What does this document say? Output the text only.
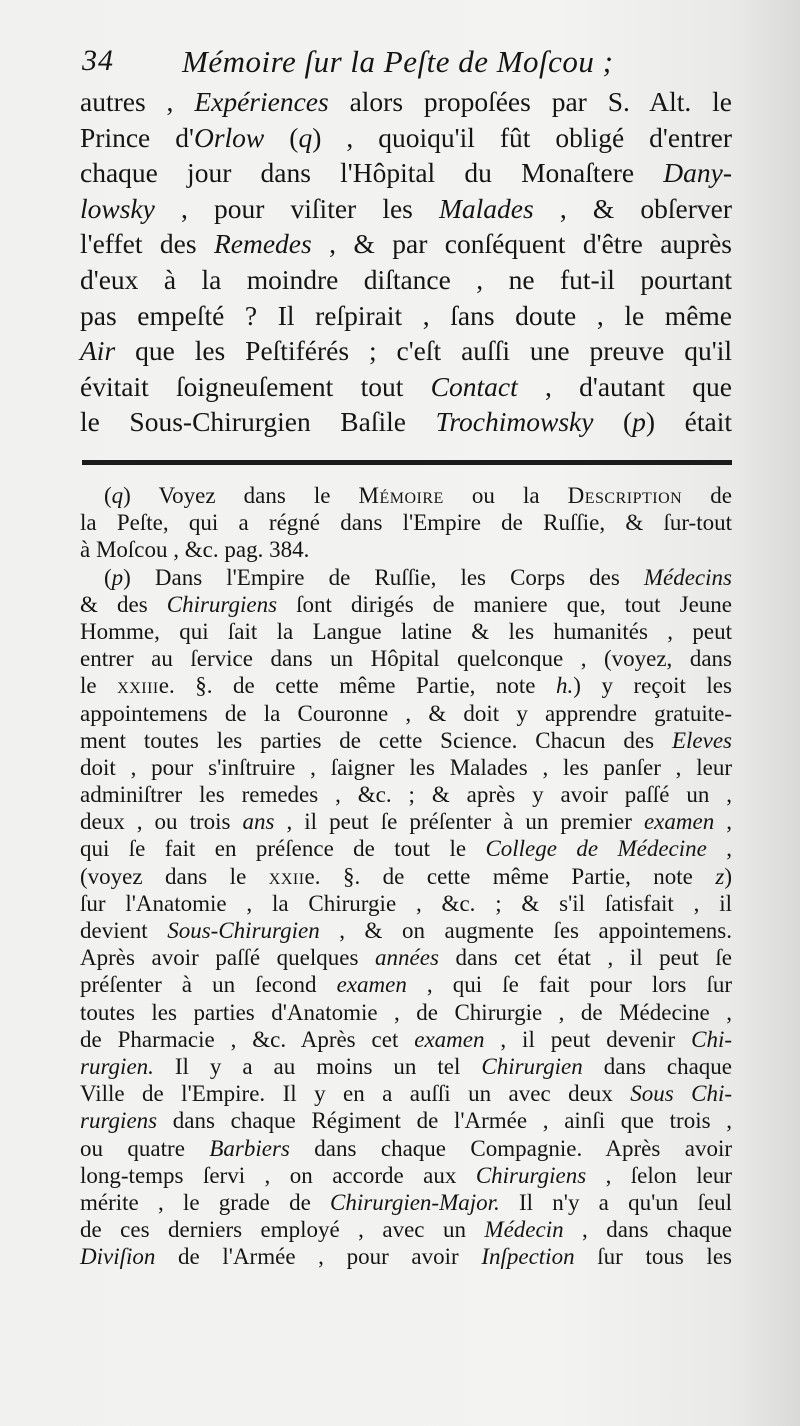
34 Mémoire ſur la Peſte de Moſcou ;
autres , Expériences alors propoſées par S. Alt. le
Prince d'Orlow (q) , quoiqu'il fût obligé d'entrer
chaque jour dans l'Hôpital du Monaſtere Dany-
lowsky , pour viſiter les Malades , & obſerver
l'effet des Remedes , & par conſéquent d'être auprès
d'eux à la moindre diſtance , ne fut-il pourtant
pas empeſté ? Il reſpirait , ſans doute , le même
Air que les Peſtiférés ; c'eſt auſſi une preuve qu'il
évitait ſoigneuſement tout Contact , d'autant que
le Sous-Chirurgien Baſile Trochimowsky (p) était
(q) Voyez dans le Mémoire ou la Description de
la Peſte, qui a régné dans l'Empire de Ruſſie, & ſur-tout
à Moſcou , &c. pag. 384.
(p) Dans l'Empire de Ruſſie, les Corps des Médecins
& des Chirurgiens ſont dirigés de maniere que, tout Jeune
Homme, qui ſait la Langue latine & les humanités , peut
entrer au ſervice dans un Hôpital quelconque , (voyez, dans
le xxiiie. §. de cette même Partie, note h.) y reçoit les
appointemens de la Couronne , & doit y apprendre gratuite-
ment toutes les parties de cette Science. Chacun des Eleves
doit , pour s'inſtruire , ſaigner les Malades , les panſer , leur
adminiſtrer les remedes , &c. ; & après y avoir paſſé un ,
deux , ou trois ans , il peut ſe préſenter à un premier examen ,
qui ſe fait en préſence de tout le College de Médecine ,
(voyez dans le xxiie. §. de cette même Partie, note z)
ſur l'Anatomie , la Chirurgie , &c. ; & s'il ſatisfait , il
devient Sous-Chirurgien , & on augmente ſes appointemens.
Après avoir paſſé quelques années dans cet état , il peut ſe
préſenter à un ſecond examen , qui ſe fait pour lors ſur
toutes les parties d'Anatomie , de Chirurgie , de Médecine ,
de Pharmacie , &c. Après cet examen , il peut devenir Chi-
rurgien. Il y a au moins un tel Chirurgien dans chaque
Ville de l'Empire. Il y en a auſſi un avec deux Sous Chi-
rurgiens dans chaque Régiment de l'Armée , ainſi que trois ,
ou quatre Barbiers dans chaque Compagnie. Après avoir
long-temps ſervi , on accorde aux Chirurgiens , ſelon leur
mérite , le grade de Chirurgien-Major. Il n'y a qu'un ſeul
de ces derniers employé , avec un Médecin , dans chaque
Diviſion de l'Armée , pour avoir Inſpection ſur tous les
